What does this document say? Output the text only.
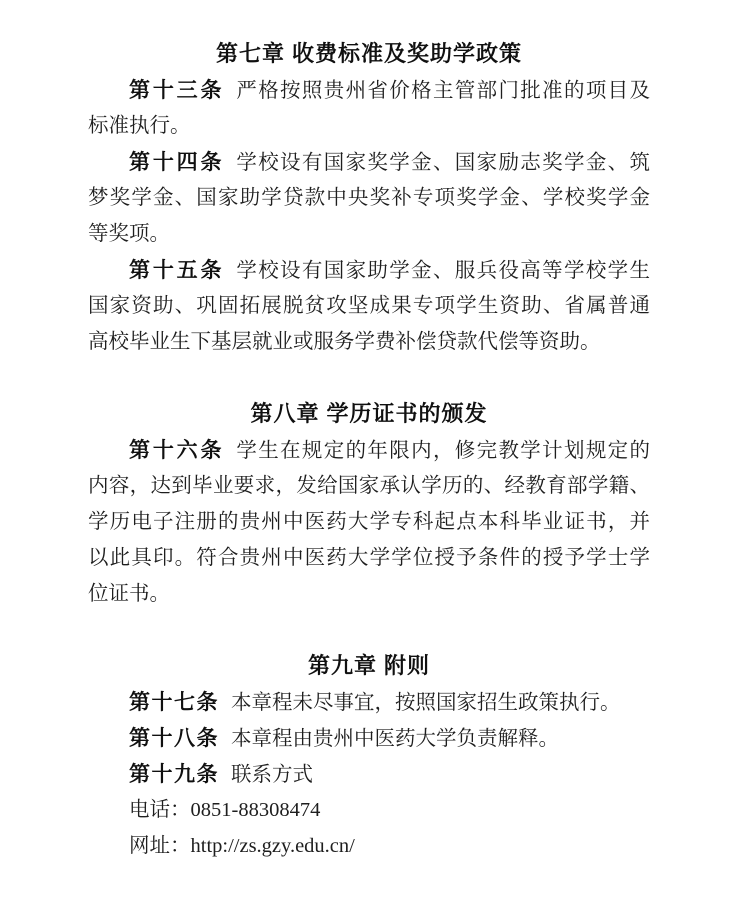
第七章 收费标准及奖助学政策
第十三条 严格按照贵州省价格主管部门批准的项目及
标准执行。
第十四条 学校设有国家奖学金、国家励志奖学金、筑
梦奖学金、国家助学贷款中央奖补专项奖学金、学校奖学金
等奖项。
第十五条 学校设有国家助学金、服兵役高等学校学生
国家资助、巩固拓展脱贫攻坚成果专项学生资助、省属普通
高校毕业生下基层就业或服务学费补偿贷款代偿等资助。
第八章 学历证书的颁发
第十六条 学生在规定的年限内，修完教学计划规定的
内容，达到毕业要求，发给国家承认学历的、经教育部学籍、
学历电子注册的贵州中医药大学专科起点本科毕业证书，并
以此具印。符合贵州中医药大学学位授予条件的授予学士学
位证书。
第九章 附则
第十七条 本章程未尽事宜，按照国家招生政策执行。
第十八条 本章程由贵州中医药大学负责解释。
第十九条 联系方式
电话：0851-88308474
网址：http://zs.gzy.edu.cn/
